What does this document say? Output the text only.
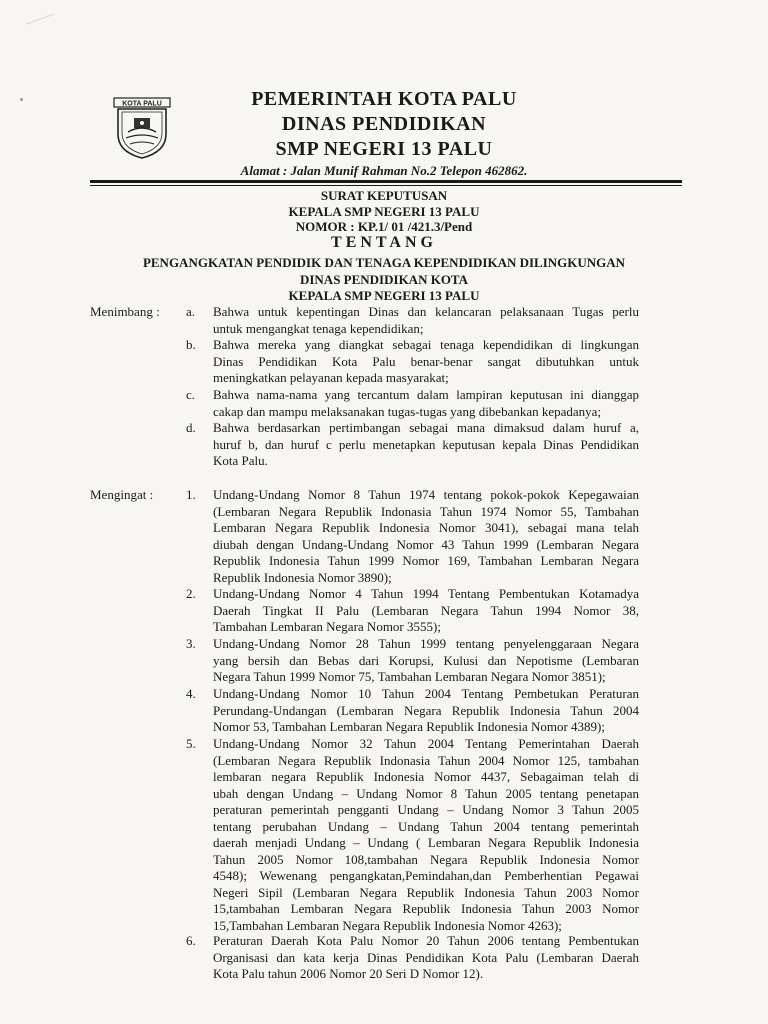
KOTA PALU	PEMERINTAH KOTA PALU
DINAS PENDIDIKAN
SMP NEGERI 13 PALU
Alamat : Jalan Munif Rahman No.2 Telepon 462862.
SURAT KEPUTUSAN
KEPALA SMP NEGERI 13 PALU
NOMOR : KP.1/ 01 /421.3/Pend
TENTANG
PENGANGKATAN PENDIDIK DAN TENAGA KEPENDIDIKAN DILINGKUNGAN
DINAS PENDIDIKAN KOTA
KEPALA SMP NEGERI 13 PALU
Menimbang : a.	Bahwa untuk kepentingan Dinas dan kelancaran pelaksanaan Tugas perlu
untuk mengangkat tenaga kependidikan;
b.	Bahwa mereka yang diangkat sebagai tenaga kependidikan di lingkungan
Dinas Pendidikan Kota Palu benar-benar sangat dibutuhkan untuk
meningkatkan pelayanan kepada masyarakat;
c.	Bahwa nama-nama yang tercantum dalam lampiran keputusan ini dianggap
cakap dan mampu melaksanakan tugas-tugas yang dibebankan kepadanya;
d.	Bahwa berdasarkan pertimbangan sebagai mana dimaksud dalam huruf a,
huruf b, dan huruf c perlu menetapkan keputusan kepala Dinas Pendidikan
Kota Palu.
Mengingat :	1.	Undang-Undang Nomor 8 Tahun 1974 tentang pokok-pokok Kepegawaian
(Lembaran Negara Republik Indonasia Tahun 1974 Nomor 55, Tambahan
Lembaran Negara Republik Indonesia Nomor 3041), sebagai mana telah
diubah dengan Undang-Undang Nomor 43 Tahun 1999 (Lembaran Negara
Republik Indonesia Tahun 1999 Nomor 169, Tambahan Lembaran Negara
Republik Indonesia Nomor 3890);
2.	Undang-Undang Nomor 4 Tahun 1994 Tentang Pembentukan Kotamadya
Daerah Tingkat II Palu (Lembaran Negara Tahun 1994 Nomor 38,
Tambahan Lembaran Negara Nomor 3555);
3.	Undang-Undang Nomor 28 Tahun 1999 tentang penyelenggaraan Negara
yang bersih dan Bebas dari Korupsi, Kulusi dan Nepotisme (Lembaran
Negara Tahun 1999 Nomor 75, Tambahan Lembaran Negara Nomor 3851);
4.	Undang-Undang Nomor 10 Tahun 2004 Tentang Pembetukan Peraturan
Perundang-Undangan (Lembaran Negara Republik Indonesia Tahun 2004
Nomor 53, Tambahan Lembaran Negara Republik Indonesia Nomor 4389);
5.	Undang-Undang Nomor 32 Tahun 2004 Tentang Pemerintahan Daerah
(Lembaran Negara Republik Indonasia Tahun 2004 Nomor 125, tambahan
lembaran negara Republik Indonesia Nomor 4437, Sebagaiman telah di
ubah dengan Undang – Undang Nomor 8 Tahun 2005 tentang penetapan
peraturan pemerintah pengganti Undang – Undang Nomor 3 Tahun 2005
tentang perubahan Undang – Undang Tahun 2004 tentang pemerintah
daerah menjadi Undang – Undang ( Lembaran Negara Republik Indonesia
Tahun 2005 Nomor 108,tambahan Negara Republik Indonesia Nomor
4548); Wewenang pengangkatan,Pemindahan,dan Pemberhentian Pegawai
Negeri Sipil (Lembaran Negara Republik Indonesia Tahun 2003 Nomor
15,tambahan Lembaran Negara Republik Indonesia Tahun 2003 Nomor
15,Tambahan Lembaran Negara Republik Indonesia Nomor 4263);
6.	Peraturan Daerah Kota Palu Nomor 20 Tahun 2006 tentang Pembentukan
Organisasi dan kata kerja Dinas Pendidikan Kota Palu (Lembaran Daerah
Kota Palu tahun 2006 Nomor 20 Seri D Nomor 12).
